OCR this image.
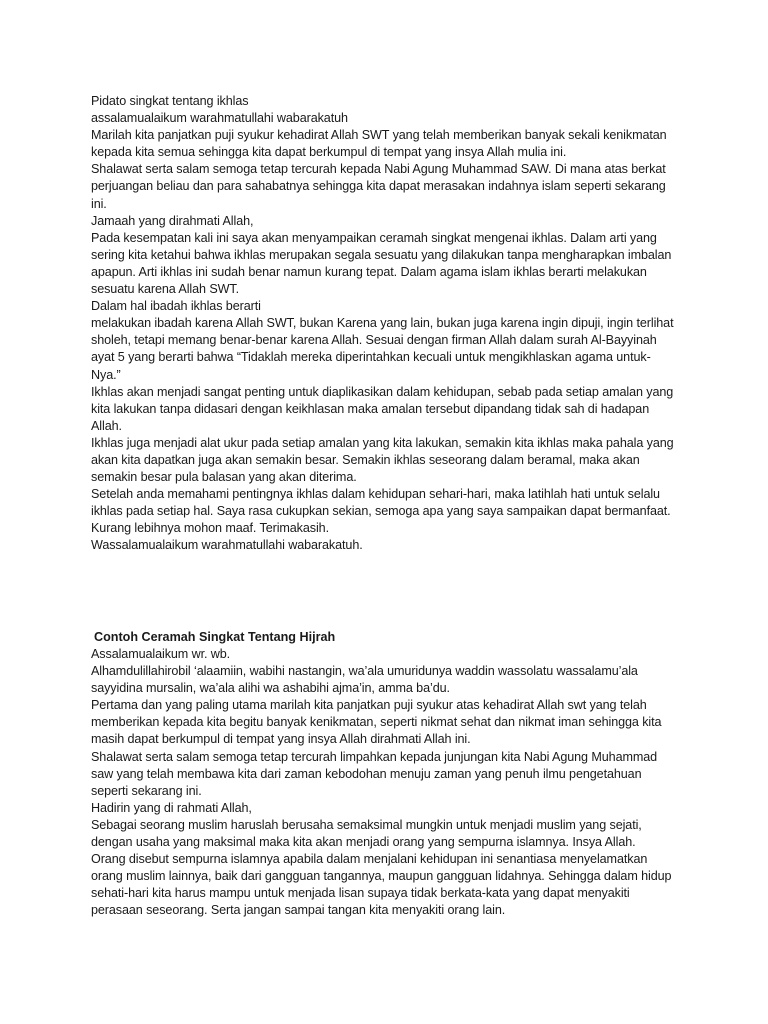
Pidato singkat tentang ikhlas
assalamualaikum warahmatullahi wabarakatuh
Marilah kita panjatkan puji syukur kehadirat Allah SWT yang telah memberikan banyak sekali kenikmatan
kepada kita semua sehingga kita dapat berkumpul di tempat yang insya Allah mulia ini.
Shalawat serta salam semoga tetap tercurah kepada Nabi Agung Muhammad SAW. Di mana atas berkat
perjuangan beliau dan para sahabatnya sehingga kita dapat merasakan indahnya islam seperti sekarang
ini.
Jamaah yang dirahmati Allah,
Pada kesempatan kali ini saya akan menyampaikan ceramah singkat mengenai ikhlas. Dalam arti yang
sering kita ketahui bahwa ikhlas merupakan segala sesuatu yang dilakukan tanpa mengharapkan imbalan
apapun. Arti ikhlas ini sudah benar namun kurang tepat. Dalam agama islam ikhlas berarti melakukan
sesuatu karena Allah SWT.
Dalam hal ibadah ikhlas berarti
melakukan ibadah karena Allah SWT, bukan Karena yang lain, bukan juga karena ingin dipuji, ingin terlihat
sholeh, tetapi memang benar-benar karena Allah. Sesuai dengan firman Allah dalam surah Al-Bayyinah
ayat 5 yang berarti bahwa “Tidaklah mereka diperintahkan kecuali untuk mengikhlaskan agama untuk-
Nya.”
Ikhlas akan menjadi sangat penting untuk diaplikasikan dalam kehidupan, sebab pada setiap amalan yang
kita lakukan tanpa didasari dengan keikhlasan maka amalan tersebut dipandang tidak sah di hadapan
Allah.
Ikhlas juga menjadi alat ukur pada setiap amalan yang kita lakukan, semakin kita ikhlas maka pahala yang
akan kita dapatkan juga akan semakin besar. Semakin ikhlas seseorang dalam beramal, maka akan
semakin besar pula balasan yang akan diterima.
Setelah anda memahami pentingnya ikhlas dalam kehidupan sehari-hari, maka latihlah hati untuk selalu
ikhlas pada setiap hal. Saya rasa cukupkan sekian, semoga apa yang saya sampaikan dapat bermanfaat.
Kurang lebihnya mohon maaf. Terimakasih.
Wassalamualaikum warahmatullahi wabarakatuh.
Contoh Ceramah Singkat Tentang Hijrah
Assalamualaikum wr. wb.
Alhamdulillahirobil ‘alaamiin, wabihi nastangin, wa’ala umuridunya waddin wassolatu wassalamu’ala
sayyidina mursalin, wa’ala alihi wa ashabihi ajma’in, amma ba’du.
Pertama dan yang paling utama marilah kita panjatkan puji syukur atas kehadirat Allah swt yang telah
memberikan kepada kita begitu banyak kenikmatan, seperti nikmat sehat dan nikmat iman sehingga kita
masih dapat berkumpul di tempat yang insya Allah dirahmati Allah ini.
Shalawat serta salam semoga tetap tercurah limpahkan kepada junjungan kita Nabi Agung Muhammad
saw yang telah membawa kita dari zaman kebodohan menuju zaman yang penuh ilmu pengetahuan
seperti sekarang ini.
Hadirin yang di rahmati Allah,
Sebagai seorang muslim haruslah berusaha semaksimal mungkin untuk menjadi muslim yang sejati,
dengan usaha yang maksimal maka kita akan menjadi orang yang sempurna islamnya. Insya Allah.
Orang disebut sempurna islamnya apabila dalam menjalani kehidupan ini senantiasa menyelamatkan
orang muslim lainnya, baik dari gangguan tangannya, maupun gangguan lidahnya. Sehingga dalam hidup
sehati-hari kita harus mampu untuk menjada lisan supaya tidak berkata-kata yang dapat menyakiti
perasaan seseorang. Serta jangan sampai tangan kita menyakiti orang lain.
